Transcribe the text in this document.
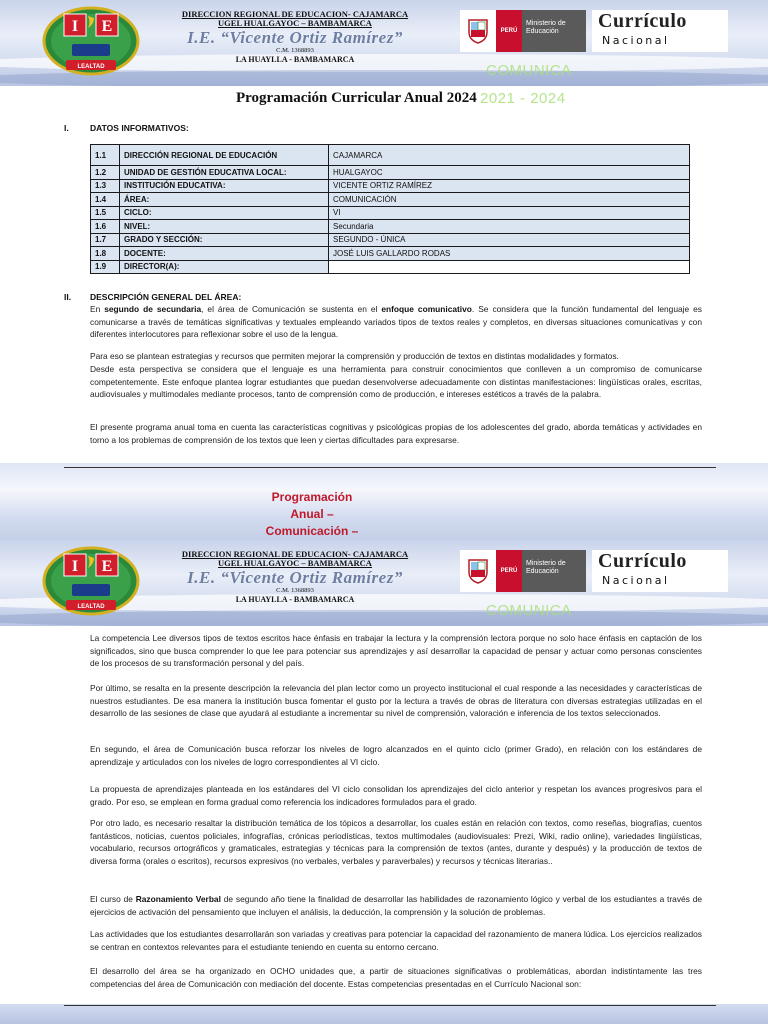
I E
LEALTAD
DIRECCION REGIONAL DE EDUCACION- CAJAMARCA
UGEL HUALGAYOC – BAMBAMARCA
I.E. “Vicente Ortiz Ramírez”
C.M. 1368893
LA HUAYLLA - BAMBAMARCA
PERÚ
Ministerio de Educación	Currículo
Nacional
COMUNICA
2021 - 2024
Programación Curricular Anual 2024
I.	DATOS INFORMATIVOS:
1.1	DIRECCIÓN REGIONAL DE EDUCACIÓN	CAJAMARCA
1.2	UNIDAD DE GESTIÓN EDUCATIVA LOCAL:	HUALGAYOC
1.3	INSTITUCIÓN EDUCATIVA:	VICENTE ORTIZ RAMÍREZ
1.4	ÁREA:	COMUNICACIÓN
1.5	CICLO:	VI
1.6	NIVEL:	Secundaria
1.7	GRADO Y SECCIÓN:	SEGUNDO - ÚNICA
1.8	DOCENTE:	JOSÉ LUIS GALLARDO RODAS
1.9	DIRECTOR(A):	
II. DESCRIPCIÓN GENERAL DEL ÁREA:
En segundo de secundaria, el área de Comunicación se sustenta en el enfoque comunicativo. Se considera que la función fundamental del lenguaje es comunicarse a través de temáticas significativas y textuales empleando variados tipos de textos reales y completos, en diversas situaciones comunicativas y con diferentes interlocutores para reflexionar sobre el uso de la lengua.
Para eso se plantean estrategias y recursos que permiten mejorar la comprensión y producción de textos en distintas modalidades y formatos.
Desde esta perspectiva se considera que el lenguaje es una herramienta para construir conocimientos que conlleven a un compromiso de comunicarse competentemente. Este enfoque plantea lograr estudiantes que puedan desenvolverse adecuadamente con distintas manifestaciones: lingüísticas orales, escritas, audiovisuales y multimodales mediante procesos, tanto de comprensión como de producción, e intereses estéticos a través de la palabra.
El presente programa anual toma en cuenta las características cognitivas y psicológicas propias de los adolescentes del grado, aborda temáticas y actividades en torno a los problemas de comprensión de los textos que leen y ciertas dificultades para expresarse.
Programación
Anual –
Comunicación –
I E
LEALTAD
DIRECCION REGIONAL DE EDUCACION- CAJAMARCA
UGEL HUALGAYOC – BAMBAMARCA
I.E. “Vicente Ortiz Ramírez”
C.M. 1368893
LA HUAYLLA - BAMBAMARCA
PERÚ
Ministerio de Educación	Currículo
Nacional
COMUNICA
La competencia Lee diversos tipos de textos escritos hace énfasis en trabajar la lectura y la comprensión lectora porque no solo hace énfasis en captación de los significados, sino que busca comprender lo que lee para potenciar sus aprendizajes y así desarrollar la capacidad de pensar y actuar como personas conscientes de los procesos de su transformación personal y del país.
Por último, se resalta en la presente descripción la relevancia del plan lector como un proyecto institucional el cual responde a las necesidades y características de nuestros estudiantes. De esa manera la institución busca fomentar el gusto por la lectura a través de obras de literatura con diversas estrategias utilizadas en el desarrollo de las sesiones de clase que ayudará al estudiante a incrementar su nivel de comprensión, valoración e inferencia de los textos seleccionados.
En segundo, el área de Comunicación busca reforzar los niveles de logro alcanzados en el quinto ciclo (primer Grado), en relación con los estándares de aprendizaje y articulados con los niveles de logro correspondientes al VI ciclo.
La propuesta de aprendizajes planteada en los estándares del VI ciclo consolidan los aprendizajes del ciclo anterior y respetan los avances progresivos para el grado. Por eso, se emplean en forma gradual como referencia los indicadores formulados para el grado.
Por otro lado, es necesario resaltar la distribución temática de los tópicos a desarrollar, los cuales están en relación con textos, como reseñas, biografías, cuentos fantásticos, noticias, cuentos policiales, infografías, crónicas periodísticas, textos multimodales (audiovisuales: Prezi, Wiki, radio online), variedades lingüísticas, vocabulario, recursos ortográficos y gramaticales, estrategias y técnicas para la comprensión de textos (antes, durante y después) y la producción de textos de diversa forma (orales o escritos), recursos expresivos (no verbales, verbales y paraverbales) y recursos y técnicas literarias..
El curso de Razonamiento Verbal de segundo año tiene la finalidad de desarrollar las habilidades de razonamiento lógico y verbal de los estudiantes a través de ejercicios de activación del pensamiento que incluyen el análisis, la deducción, la comprensión y la solución de problemas.
Las actividades que los estudiantes desarrollarán son variadas y creativas para potenciar la capacidad del razonamiento de manera lúdica. Los ejercicios realizados se centran en contextos relevantes para el estudiante teniendo en cuenta su entorno cercano.
El desarrollo del área se ha organizado en OCHO unidades que, a partir de situaciones significativas o problemáticas, abordan indistintamente las tres competencias del área de Comunicación con mediación del docente. Estas competencias presentadas en el Currículo Nacional son:
